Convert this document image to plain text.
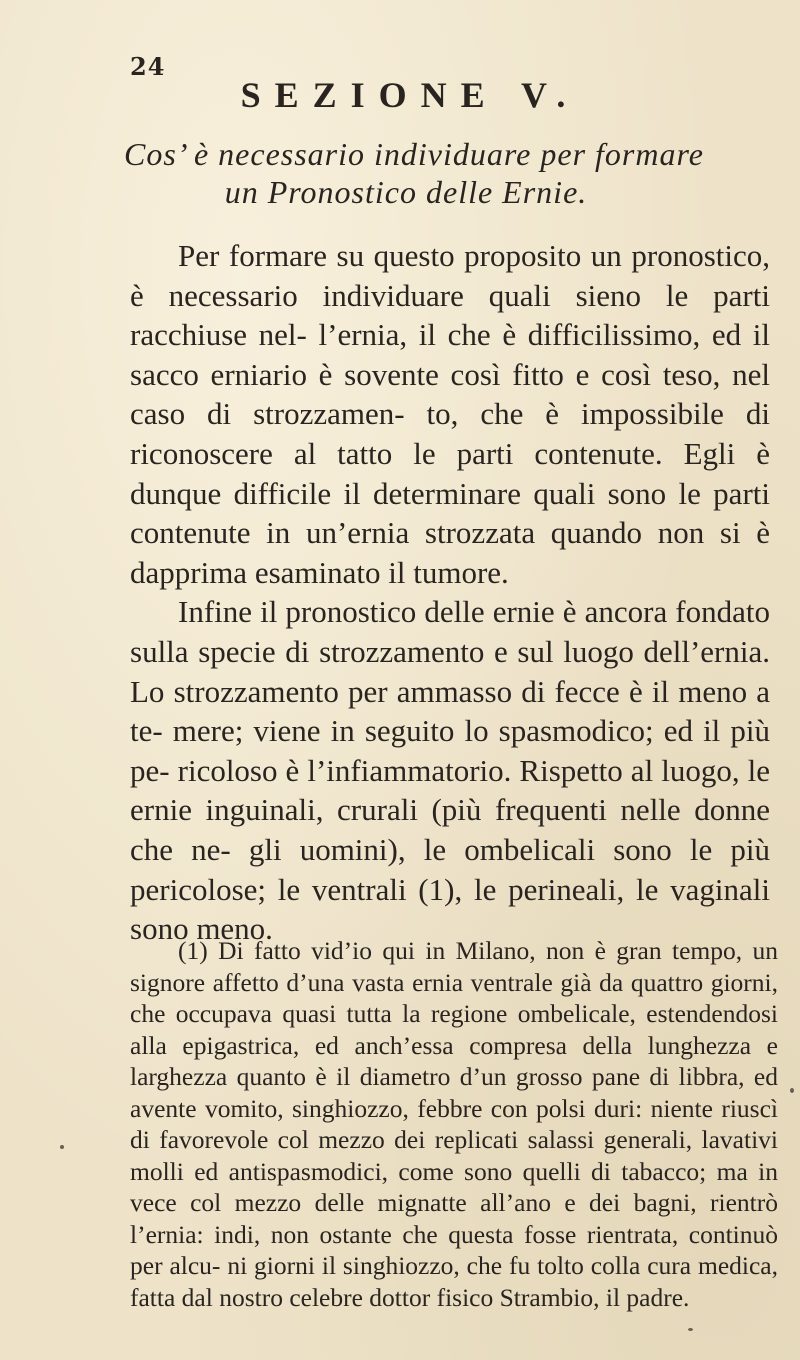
24
SEZIONE V.
Cos’ è necessario individuare per formare
un Pronostico delle Ernie.

Per formare su questo proposito un pronostico, è necessario individuare quali sieno le parti racchiuse nel- l’ernia, il che è difficilissimo, ed il sacco erniario è sovente così fitto e così teso, nel caso di strozzamen- to, che è impossibile di riconoscere al tatto le parti contenute. Egli è dunque difficile il determinare quali sono le parti contenute in un’ernia strozzata quando non si è dapprima esaminato il tumore.

Infine il pronostico delle ernie è ancora fondato sulla specie di strozzamento e sul luogo dell’ernia. Lo strozzamento per ammasso di fecce è il meno a te- mere; viene in seguito lo spasmodico; ed il più pe- ricoloso è l’infiammatorio. Rispetto al luogo, le ernie inguinali, crurali (più frequenti nelle donne che ne- gli uomini), le ombelicali sono le più pericolose; le ventrali (1), le perineali, le vaginali sono meno.

(1) Di fatto vid’io qui in Milano, non è gran tempo, un signore affetto d’una vasta ernia ventrale già da quattro giorni, che occupava quasi tutta la regione ombelicale, estendendosi alla epigastrica, ed anch’essa compresa della lunghezza e larghezza quanto è il diametro d’un grosso pane di libbra, ed avente vomito, singhiozzo, febbre con polsi duri: niente riuscì di favorevole col mezzo dei replicati salassi generali, lavativi molli ed antispasmodici, come sono quelli di tabacco; ma in vece col mezzo delle mignatte all’ano e dei bagni, rientrò l’ernia: indi, non ostante che questa fosse rientrata, continuò per alcu- ni giorni il singhiozzo, che fu tolto colla cura medica, fatta dal nostro celebre dottor fisico Strambio, il padre.
